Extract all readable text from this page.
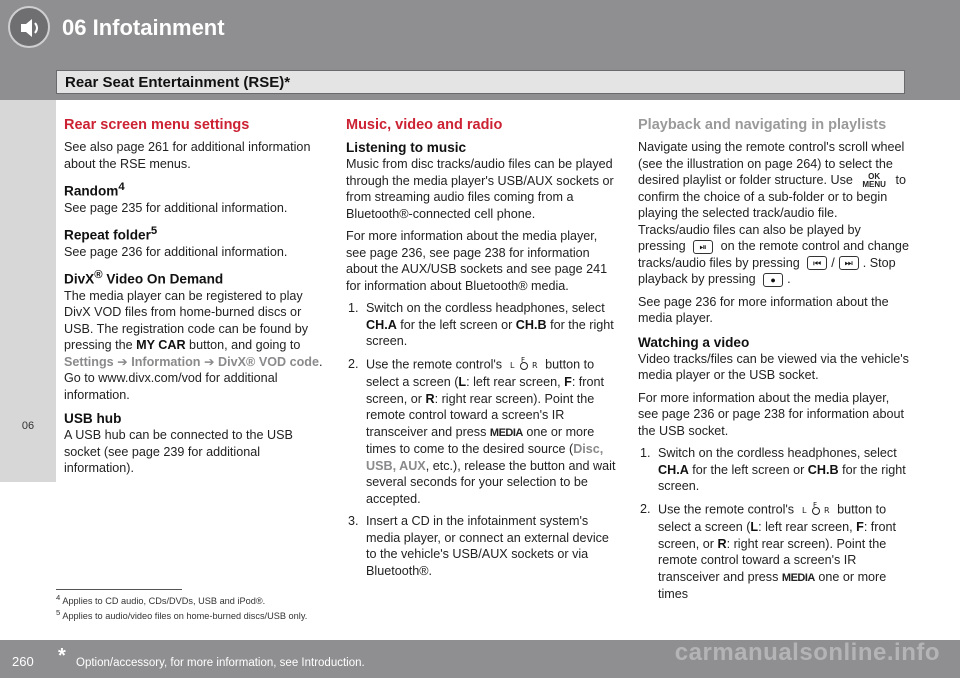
06 Infotainment
Rear Seat Entertainment (RSE)*
06
Rear screen menu settings

See also page 261 for additional information about the RSE menus.

Random$^4$

See page 235 for additional information.

Repeat folder$^5$

See page 236 for additional information.

DivX® Video On Demand

The media player can be registered to play DivX VOD files from home-burned discs or USB. The registration code can be found by pressing the MY CAR button, and going to Settings ➔ Information ➔ DivX® VOD code. Go to www.divx.com/vod for additional information.

USB hub

A USB hub can be connected to the USB socket (see page 239 for additional information).

Music, video and radio
Listening to music

Music from disc tracks/audio files can be played through the media player's USB/AUX sockets or from streaming audio files coming from a Bluetooth®-connected cell phone.

For more information about the media player, see page 236, see page 238 for information about the AUX/USB sockets and see page 241 for information about Bluetooth® media.

1. Switch on the cordless headphones, select CH.A for the left screen or CH.B for the right screen.
2. Use the remote control's L
F
R button to select a screen (L: left rear screen, F: front screen, or R: right rear screen). Point the remote control toward a screen's IR transceiver and press MEDIA one or more times to come to the desired source (Disc, USB, AUX, etc.), release the button and wait several seconds for your selection to be accepted.
3. Insert a CD in the infotainment system's media player, or connect an external device to the vehicle's USB/AUX sockets or via Bluetooth®.
Playback and navigating in playlists

Navigate using the remote control's scroll wheel (see the illustration on page 264) to select the desired playlist or folder structure. Use OK
MENU to confirm the choice of a sub-folder or to begin playing the selected track/audio file. Tracks/audio files can also be played by pressing ⏯ on the remote control and change tracks/audio files by pressing ⏮ / ⏭ . Stop playback by pressing ● .

See page 236 for more information about the media player.

Watching a video

Video tracks/files can be viewed via the vehicle's media player or the USB socket.

For more information about the media player, see page 236 or page 238 for information about the USB socket.

1. Switch on the cordless headphones, select CH.A for the left screen or CH.B for the right screen.
2. Use the remote control's L
F
R button to select a screen (L: left rear screen, F: front screen, or R: right rear screen). Point the remote control toward a screen's IR transceiver and press MEDIA one or more times
$^4$ Applies to CD audio, CDs/DVDs, USB and iPod®.
$^5$ Applies to audio/video files on home-burned discs/USB only.
260 * Option/accessory, for more information, see Introduction.	carmanualsonline.info
